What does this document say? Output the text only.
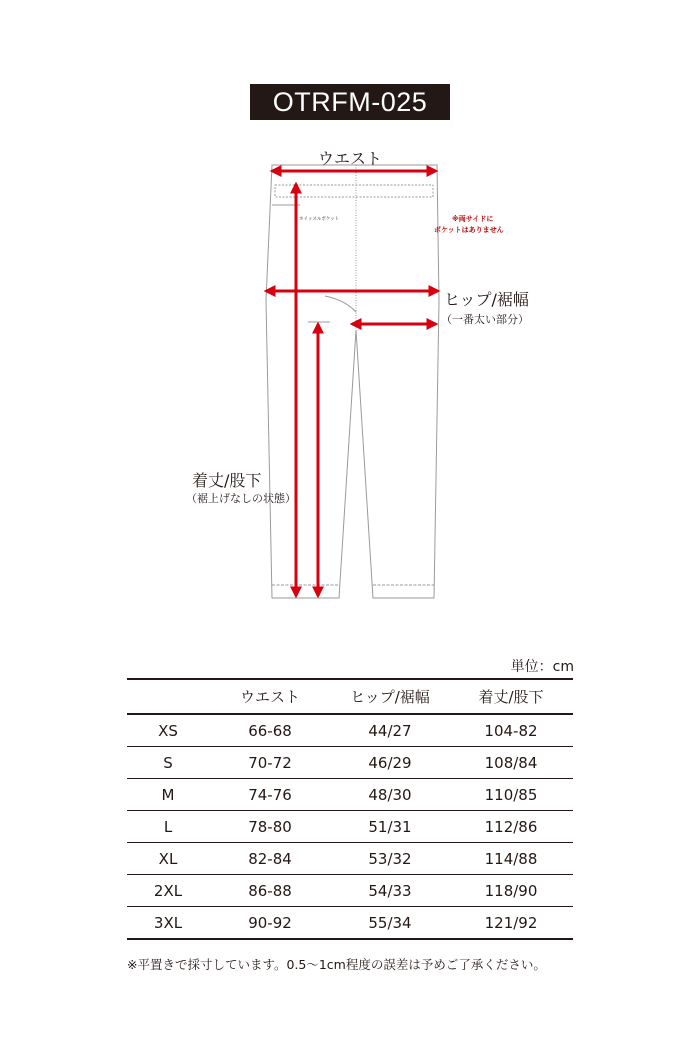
OTRFM-025
ウエスト
ホイッスルポケット	※両サイドに
ポケットはありません
ヒップ/裾幅
（一番太い部分）
着丈/股下
（裾上げなしの状態）
単位：cm
	ウエスト	ヒップ/裾幅	着丈/股下
XS	66-68	44/27	104-82
S	70-72	46/29	108/84
M	74-76	48/30	110/85
L	78-80	51/31	112/86
XL	82-84	53/32	114/88
2XL	86-88	54/33	118/90
3XL	90-92	55/34	121/92
※平置きで採寸しています。0.5〜1cm程度の誤差は予めご了承ください。
